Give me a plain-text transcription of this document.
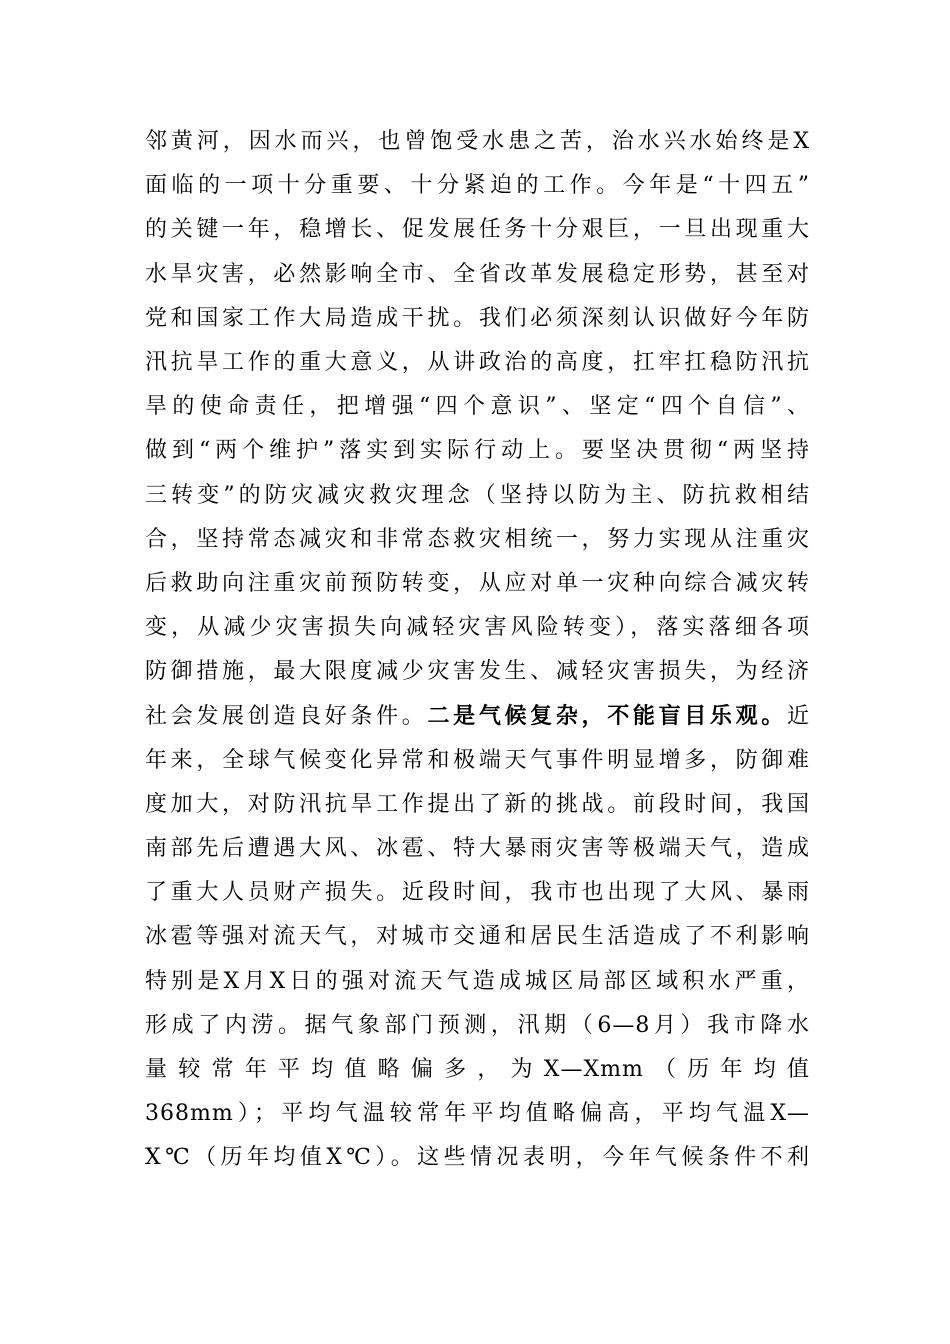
邻黄河，因水而兴，也曾饱受水患之苦，治水兴水始终是X
面临的一项十分重要、十分紧迫的工作。今年是“十四五”
的关键一年，稳增长、促发展任务十分艰巨，一旦出现重大
水旱灾害，必然影响全市、全省改革发展稳定形势，甚至对
党和国家工作大局造成干扰。我们必须深刻认识做好今年防
汛抗旱工作的重大意义，从讲政治的高度，扛牢扛稳防汛抗
旱的使命责任，把增强“四个意识”、坚定“四个自信”、
做到“两个维护”落实到实际行动上。要坚决贯彻“两坚持
三转变”的防灾减灾救灾理念（坚持以防为主、防抗救相结
合，坚持常态减灾和非常态救灾相统一，努力实现从注重灾
后救助向注重灾前预防转变，从应对单一灾种向综合减灾转
变，从减少灾害损失向减轻灾害风险转变），落实落细各项
防御措施，最大限度减少灾害发生、减轻灾害损失，为经济
社会发展创造良好条件。二是气候复杂，不能盲目乐观。近
年来，全球气候变化异常和极端天气事件明显增多，防御难
度加大，对防汛抗旱工作提出了新的挑战。前段时间，我国
南部先后遭遇大风、冰雹、特大暴雨灾害等极端天气，造成
了重大人员财产损失。近段时间，我市也出现了大风、暴雨
冰雹等强对流天气，对城市交通和居民生活造成了不利影响
特别是X月X日的强对流天气造成城区局部区域积水严重，
形成了内涝。据气象部门预测，汛期（6—8月）我市降水
量较常年平均值略偏多，为X—Xmm（历年均值
368mm）；平均气温较常年平均值略偏高，平均气温X—
X℃（历年均值X℃）。这些情况表明，今年气候条件不利
